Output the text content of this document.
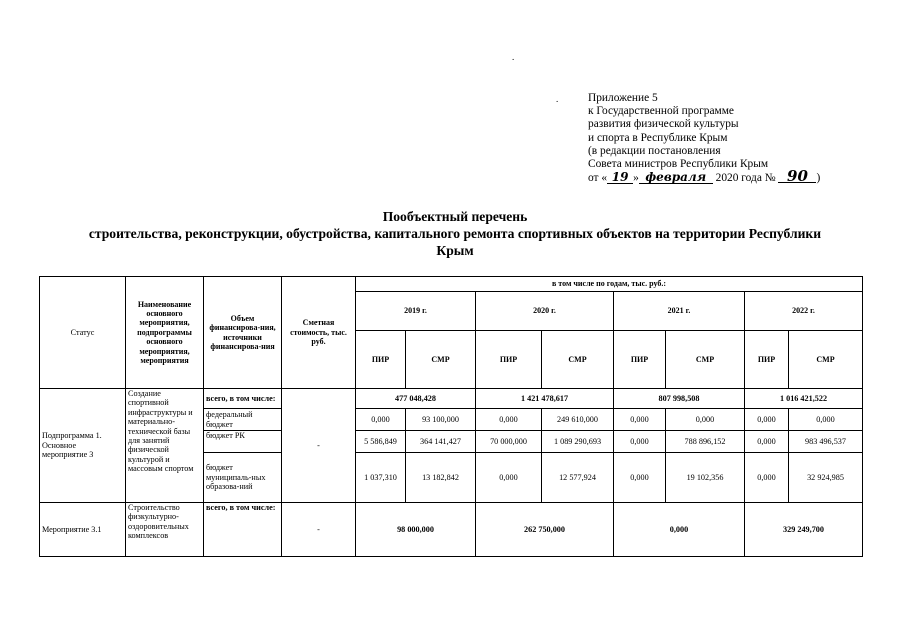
.
.	Приложение 5
к Государственной программе
развития физической культуры
и спорта в Республике Крым
(в редакции постановления
Совета министров Республики Крым
от « 19 » февраля 2020 года № 90 )
Пообъектный перечень
строительства, реконструкции, обустройства, капитального ремонта спортивных объектов на территории Республики
Крым
Статус	Наименование основного мероприятия, подпрограммы основного мероприятия, мероприятия	Объем финансирова-ния, источники финансирова-ния	Сметная стоимость, тыс. руб.	в том числе по годам, тыс. руб.:							
				2019 г.		2020 г.		2021 г.		2022 г.	
				ПИР	СМР	ПИР	СМР	ПИР	СМР	ПИР	СМР
Подпрограмма 1. Основное мероприятие 3	Создание спортивной инфраструктуры и материально-технической базы для занятий физической культурой и массовым спортом	всего, в том числе:	-	477 048,428		1 421 478,617		807 998,508		1 016 421,522	
		федеральный бюджет		0,000	93 100,000	0,000	249 610,000	0,000	0,000	0,000	0,000
		бюджет РК		5 586,849	364 141,427	70 000,000	1 089 290,693	0,000	788 896,152	0,000	983 496,537
		бюджет муниципаль-ных образова-ний		1 037,310	13 182,842	0,000	12 577,924	0,000	19 102,356	0,000	32 924,985
Мероприятие 3.1	Строительство физкультурно-оздоровительных комплексов	всего, в том числе:	-	98 000,000		262 750,000		0,000		329 249,700	
